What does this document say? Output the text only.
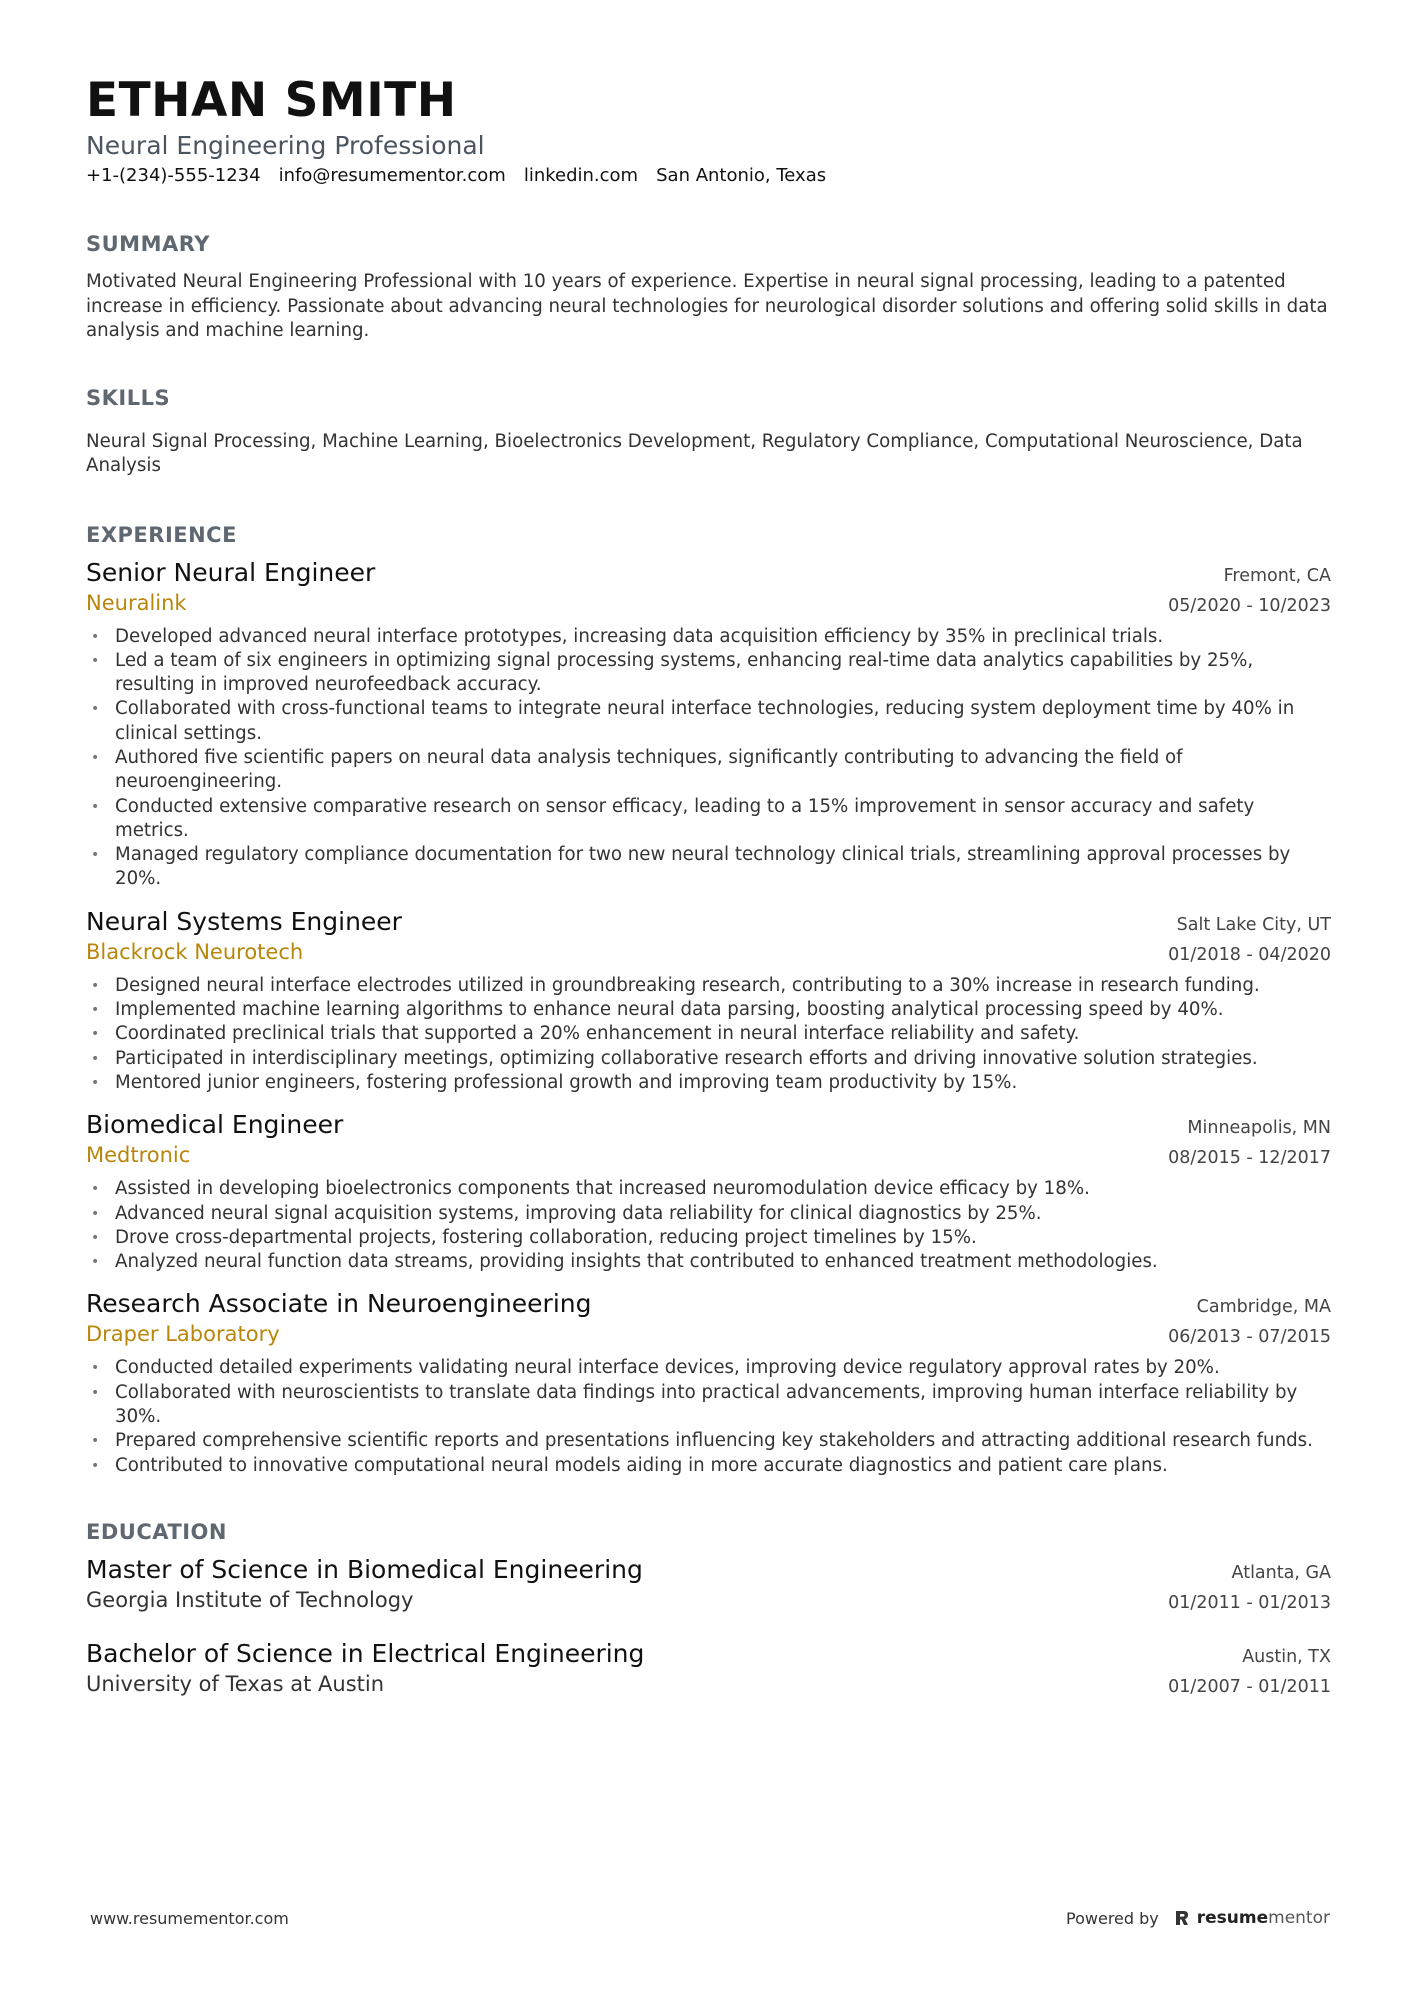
ETHAN SMITH
Neural Engineering Professional
+1-(234)-555-1234 info@resumementor.com linkedin.com San Antonio, Texas
SUMMARY
Motivated Neural Engineering Professional with 10 years of experience. Expertise in neural signal processing, leading to a patented increase in efficiency. Passionate about advancing neural technologies for neurological disorder solutions and offering solid skills in data analysis and machine learning.
SKILLS
Neural Signal Processing, Machine Learning, Bioelectronics Development, Regulatory Compliance, Computational Neuroscience, Data Analysis
EXPERIENCE
Senior Neural Engineer
Neuralink
Fremont, CA
05/2020 - 10/2023
• Developed advanced neural interface prototypes, increasing data acquisition efficiency by 35% in preclinical trials.
• Led a team of six engineers in optimizing signal processing systems, enhancing real-time data analytics capabilities by 25%, resulting in improved neurofeedback accuracy.
• Collaborated with cross-functional teams to integrate neural interface technologies, reducing system deployment time by 40% in clinical settings.
• Authored five scientific papers on neural data analysis techniques, significantly contributing to advancing the field of neuroengineering.
• Conducted extensive comparative research on sensor efficacy, leading to a 15% improvement in sensor accuracy and safety metrics.
• Managed regulatory compliance documentation for two new neural technology clinical trials, streamlining approval processes by 20%.
Neural Systems Engineer
Blackrock Neurotech
Salt Lake City, UT
01/2018 - 04/2020
• Designed neural interface electrodes utilized in groundbreaking research, contributing to a 30% increase in research funding.
• Implemented machine learning algorithms to enhance neural data parsing, boosting analytical processing speed by 40%.
• Coordinated preclinical trials that supported a 20% enhancement in neural interface reliability and safety.
• Participated in interdisciplinary meetings, optimizing collaborative research efforts and driving innovative solution strategies.
• Mentored junior engineers, fostering professional growth and improving team productivity by 15%.
Biomedical Engineer
Medtronic
Minneapolis, MN
08/2015 - 12/2017
• Assisted in developing bioelectronics components that increased neuromodulation device efficacy by 18%.
• Advanced neural signal acquisition systems, improving data reliability for clinical diagnostics by 25%.
• Drove cross-departmental projects, fostering collaboration, reducing project timelines by 15%.
• Analyzed neural function data streams, providing insights that contributed to enhanced treatment methodologies.
Research Associate in Neuroengineering
Draper Laboratory
Cambridge, MA
06/2013 - 07/2015
• Conducted detailed experiments validating neural interface devices, improving device regulatory approval rates by 20%.
• Collaborated with neuroscientists to translate data findings into practical advancements, improving human interface reliability by 30%.
• Prepared comprehensive scientific reports and presentations influencing key stakeholders and attracting additional research funds.
• Contributed to innovative computational neural models aiding in more accurate diagnostics and patient care plans.
EDUCATION
Master of Science in Biomedical Engineering
Georgia Institute of Technology
Atlanta, GA
01/2011 - 01/2013
Bachelor of Science in Electrical Engineering
University of Texas at Austin
Austin, TX
01/2007 - 01/2011
www.resumementor.com	Powered by resume mentor
